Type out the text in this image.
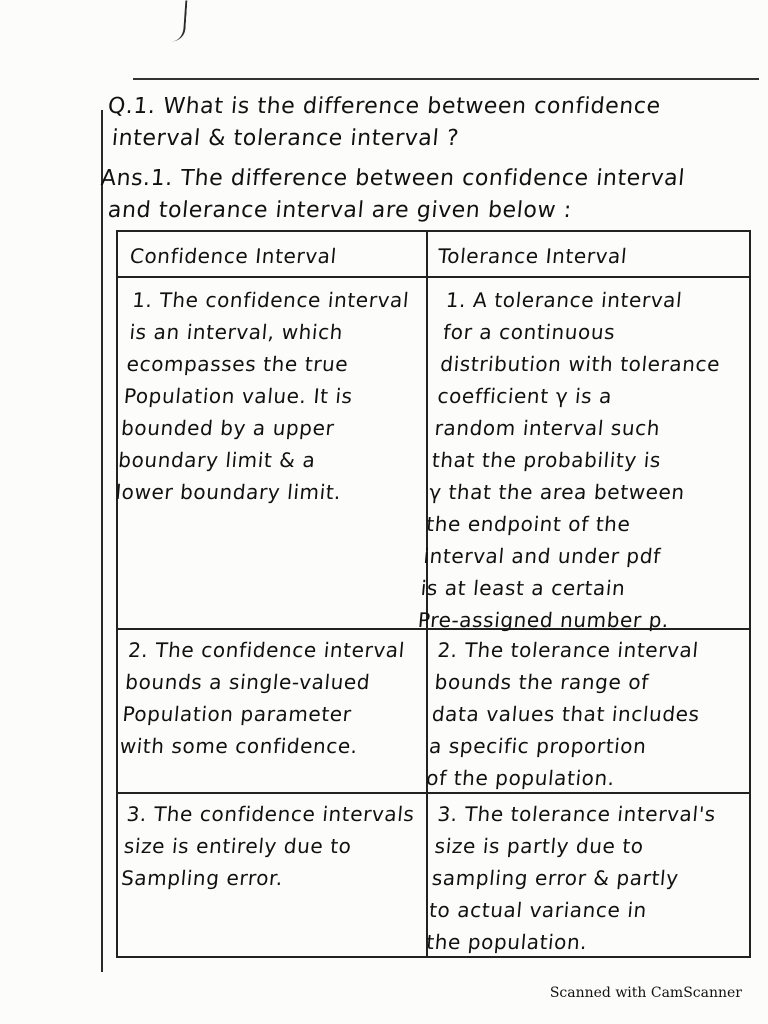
Q.1. What is the difference between confidence
interval & tolerance interval ?
Ans.1. The difference between confidence interval
and tolerance interval are given below :
Confidence Interval	Tolerance Interval
1. The confidence interval
is an interval, which
ecompasses the true
Population value. It is
bounded by a upper
boundary limit & a
lower boundary limit.
1. A tolerance interval
for a continuous
distribution with tolerance
coefficient γ is a
random interval such
that the probability is
γ that the area between
the endpoint of the
interval and under pdf
is at least a certain
Pre-assigned number p.
2. The confidence interval
bounds a single-valued
Population parameter
with some confidence.
2. The tolerance interval
bounds the range of
data values that includes
a specific proportion
of the population.
3. The confidence intervals
size is entirely due to
Sampling error.
3. The tolerance interval's
size is partly due to
sampling error & partly
to actual variance in
the population.
Scanned with CamScanner
